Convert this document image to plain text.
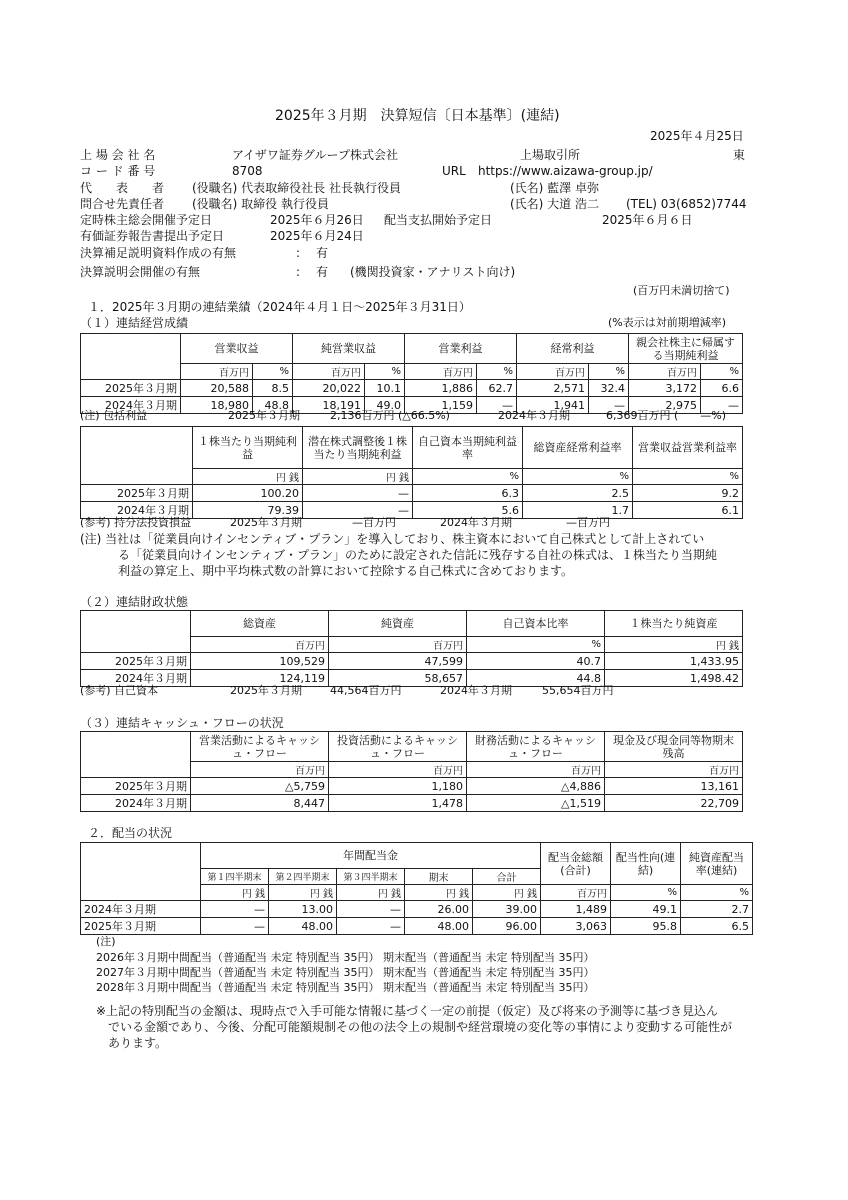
2025年３月期　決算短信〔日本基準〕(連結)
2025年４月25日
上 場 会 社 名	アイザワ証券グループ株式会社	上場取引所	東
コ ー ド 番 号	8708	URL https://www.aizawa-group.jp/
代　　表　　者 (役職名) 代表取締役社長 社長執行役員	(氏名) 藍澤 卓弥
問合せ先責任者 (役職名) 取締役 執行役員	(氏名) 大道 浩二 (TEL) 03(6852)7744
定時株主総会開催予定日	2025年６月26日 配当支払開始予定日	2025年６月６日
有価証券報告書提出予定日	2025年６月24日
決算補足説明資料作成の有無	: 有
決算説明会開催の有無	: 有 (機関投資家・アナリスト向け)
(百万円未満切捨て)
１．2025年３月期の連結業績（2024年４月１日～2025年３月31日）
（１）連結経営成績	(%表示は対前期増減率)
	営業収益		純営業収益		営業利益		経常利益		親会社株主に帰属する当期純利益	
	百万円	%	百万円	%	百万円	%	百万円	%	百万円	%
2025年３月期	20,588	8.5	20,022	10.1	1,886	62.7	2,571	32.4	3,172	6.6
2024年３月期	18,980	48.8	18,191	49.0	1,159	—	1,941	—	2,975	—
(注) 包括利益	2025年３月期	2,136百万円 (△66.5%)	2024年３月期	6,369百万円 (　　—%)
	１株当たり当期純利益	潜在株式調整後１株当たり当期純利益	自己資本当期純利益率	総資産経常利益率	営業収益営業利益率
	円 銭	円 銭	%	%	%
2025年３月期	100.20	—	6.3	2.5	9.2
2024年３月期	79.39	—	5.6	1.7	6.1
(参考) 持分法投資損益	2025年３月期	—百万円	2024年３月期	—百万円
(注) 当社は「従業員向けインセンティブ・プラン」を導入しており、株主資本において自己株式として計上されてい
る「従業員向けインセンティブ・プラン」のために設定された信託に残存する自社の株式は、１株当たり当期純
利益の算定上、期中平均株式数の計算において控除する自己株式に含めております。
（２）連結財政状態
	総資産	純資産	自己資本比率	１株当たり純資産
	百万円	百万円	%	円 銭
2025年３月期	109,529	47,599	40.7	1,433.95
2024年３月期	124,119	58,657	44.8	1,498.42
(参考) 自己資本	2025年３月期	44,564百万円	2024年３月期	55,654百万円
（３）連結キャッシュ・フローの状況
	営業活動によるキャッシュ・フロー	投資活動によるキャッシュ・フロー	財務活動によるキャッシュ・フロー	現金及び現金同等物期末残高
	百万円	百万円	百万円	百万円
2025年３月期	△5,759	1,180	△4,886	13,161
2024年３月期	8,447	1,478	△1,519	22,709
２．配当の状況
	年間配当金					配当金総額(合計)	配当性向(連結)	純資産配当率(連結)
	第１四半期末	第２四半期末	第３四半期末	期末	合計			
	円 銭	円 銭	円 銭	円 銭	円 銭	百万円	%	%
2024年３月期	—	13.00	—	26.00	39.00	1,489	49.1	2.7
2025年３月期	—	48.00	—	48.00	96.00	3,063	95.8	6.5
(注)
2026年３月期中間配当（普通配当 未定 特別配当 35円） 期末配当（普通配当 未定 特別配当 35円）
2027年３月期中間配当（普通配当 未定 特別配当 35円） 期末配当（普通配当 未定 特別配当 35円）
2028年３月期中間配当（普通配当 未定 特別配当 35円） 期末配当（普通配当 未定 特別配当 35円）
※上記の特別配当の金額は、現時点で入手可能な情報に基づく一定の前提（仮定）及び将来の予測等に基づき見込ん
でいる金額であり、今後、分配可能額規制その他の法令上の規制や経営環境の変化等の事情により変動する可能性が
あります。
